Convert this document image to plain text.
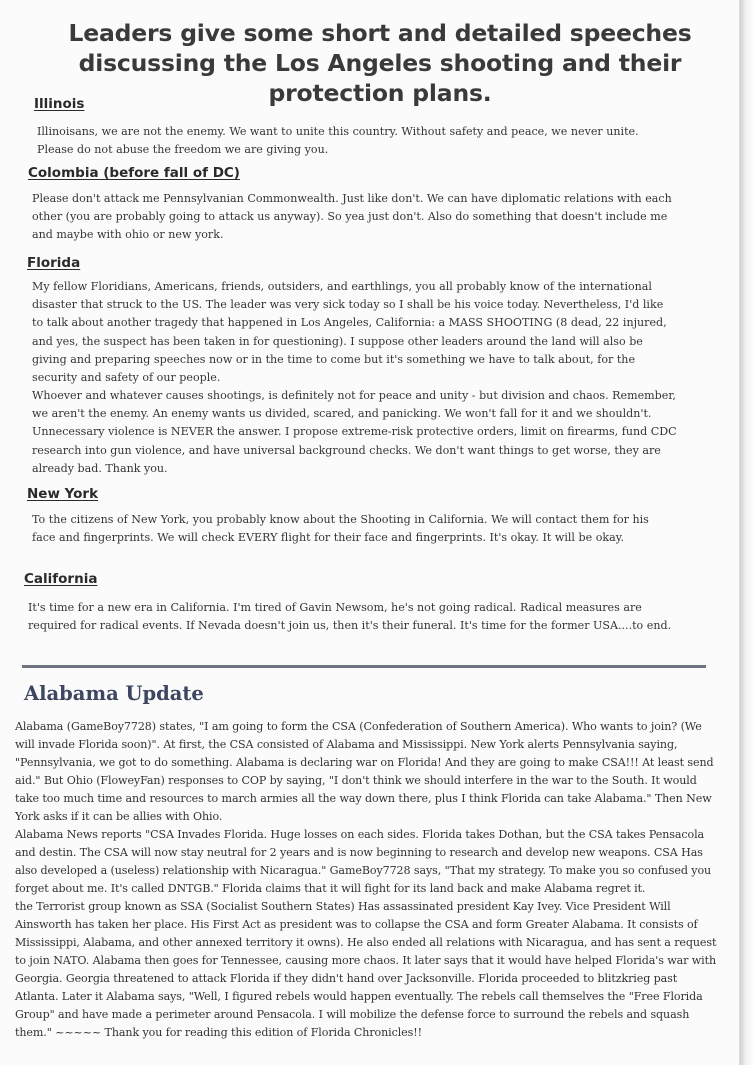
Leaders give some short and detailed speeches discussing the Los Angeles shooting and their protection plans.
Illinois

Illinoisans, we are not the enemy. We want to unite this country. Without safety and peace, we never unite. Please do not abuse the freedom we are giving you.

Colombia (before fall of DC)

Please don't attack me Pennsylvanian Commonwealth. Just like don't. We can have diplomatic relations with each other (you are probably going to attack us anyway). So yea just don't. Also do something that doesn't include me and maybe with ohio or new york.

Florida

My fellow Floridians, Americans, friends, outsiders, and earthlings, you all probably know of the international disaster that struck to the US. The leader was very sick today so I shall be his voice today. Nevertheless, I'd like to talk about another tragedy that happened in Los Angeles, California: a MASS SHOOTING (8 dead, 22 injured, and yes, the suspect has been taken in for questioning). I suppose other leaders around the land will also be giving and preparing speeches now or in the time to come but it's something we have to talk about, for the security and safety of our people.

Whoever and whatever causes shootings, is definitely not for peace and unity - but division and chaos. Remember, we aren't the enemy. An enemy wants us divided, scared, and panicking. We won't fall for it and we shouldn't. Unnecessary violence is NEVER the answer. I propose extreme-risk protective orders, limit on firearms, fund CDC research into gun violence, and have universal background checks. We don't want things to get worse, they are already bad. Thank you.

New York

To the citizens of New York, you probably know about the Shooting in California. We will contact them for his face and fingerprints. We will check EVERY flight for their face and fingerprints. It's okay. It will be okay.

California

It's time for a new era in California. I'm tired of Gavin Newsom, he's not going radical. Radical measures are required for radical events. If Nevada doesn't join us, then it's their funeral. It's time for the former USA....to end.

Alabama Update

Alabama (GameBoy7728) states, "I am going to form the CSA (Confederation of Southern America). Who wants to join? (We will invade Florida soon)". At first, the CSA consisted of Alabama and Mississippi. New York alerts Pennsylvania saying, "Pennsylvania, we got to do something. Alabama is declaring war on Florida! And they are going to make CSA!!! At least send aid." But Ohio (FloweyFan) responses to COP by saying, "I don't think we should interfere in the war to the South. It would take too much time and resources to march armies all the way down there, plus I think Florida can take Alabama." Then New York asks if it can be allies with Ohio.

Alabama News reports "CSA Invades Florida. Huge losses on each sides. Florida takes Dothan, but the CSA takes Pensacola and destin. The CSA will now stay neutral for 2 years and is now beginning to research and develop new weapons. CSA Has also developed a (useless) relationship with Nicaragua." GameBoy7728 says, "That my strategy. To make you so confused you forget about me. It's called DNTGB." Florida claims that it will fight for its land back and make Alabama regret it.

the Terrorist group known as SSA (Socialist Southern States) Has assassinated president Kay Ivey. Vice President Will Ainsworth has taken her place. His First Act as president was to collapse the CSA and form Greater Alabama. It consists of Mississippi, Alabama, and other annexed territory it owns). He also ended all relations with Nicaragua, and has sent a request to join NATO. Alabama then goes for Tennessee, causing more chaos. It later says that it would have helped Florida's war with Georgia. Georgia threatened to attack Florida if they didn't hand over Jacksonville. Florida proceeded to blitzkrieg past Atlanta. Later it Alabama says, "Well, I figured rebels would happen eventually. The rebels call themselves the "Free Florida Group" and have made a perimeter around Pensacola. I will mobilize the defense force to surround the rebels and squash them." ~~~~~ Thank you for reading this edition of Florida Chronicles!!
